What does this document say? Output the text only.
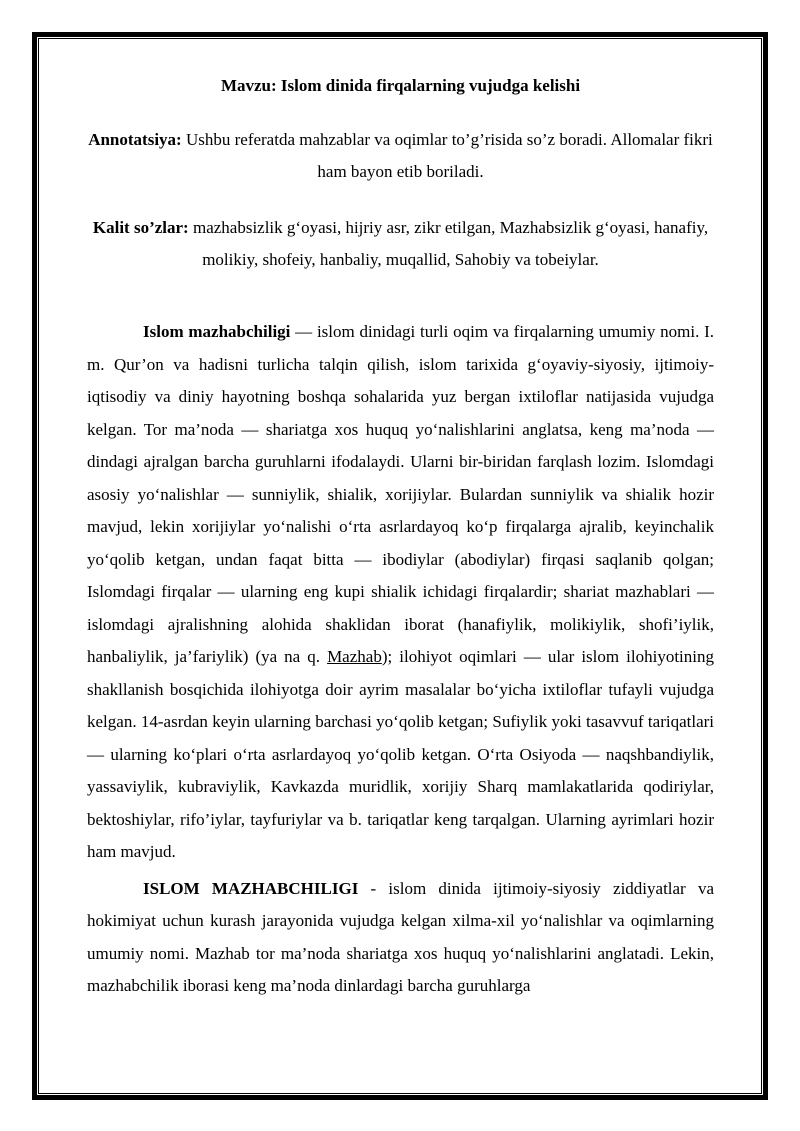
Mavzu: Islom dinida firqalarning vujudga kelishi

Annotatsiya: Ushbu referatda mahzablar va oqimlar to’g’risida so’z boradi. Allomalar fikri ham bayon etib boriladi.

Kalit so’zlar: mazhabsizlik g‘oyasi, hijriy asr, zikr etilgan, Mazhabsizlik g‘oyasi, hanafiy, molikiy, shofeiy, hanbaliy, muqallid, Sahobiy va tobeiylar.

Islom mazhabchiligi — islom dinidagi turli oqim va firqalarning umumiy nomi. I. m. Qur’on va hadisni turlicha talqin qilish, islom tarixida g‘oyaviy-siyosiy, ijtimoiy-iqtisodiy va diniy hayotning boshqa sohalarida yuz bergan ixtiloflar natijasida vujudga kelgan. Tor ma’noda — shariatga xos huquq yo‘nalishlarini anglatsa, keng ma’noda — dindagi ajralgan barcha guruhlarni ifodalaydi. Ularni bir-biridan farqlash lozim. Islomdagi asosiy yo‘nalishlar — sunniylik, shialik, xorijiylar. Bulardan sunniylik va shialik hozir mavjud, lekin xorijiylar yo‘nalishi o‘rta asrlardayoq ko‘p firqalarga ajralib, keyinchalik yo‘qolib ketgan, undan faqat bitta — ibodiylar (abodiylar) firqasi saqlanib qolgan; Islomdagi firqalar — ularning eng kupi shialik ichidagi firqalardir; shariat mazhablari — islomdagi ajralishning alohida shaklidan iborat (hanafiylik, molikiylik, shofi’iylik, hanbaliylik, ja’fariylik) (ya na q. Mazhab); ilohiyot oqimlari — ular islom ilohiyotining shakllanish bosqichida ilohiyotga doir ayrim masalalar bo‘yicha ixtiloflar tufayli vujudga kelgan. 14-asrdan keyin ularning barchasi yo‘qolib ketgan; Sufiylik yoki tasavvuf tariqatlari — ularning ko‘plari o‘rta asrlardayoq yo‘qolib ketgan. O‘rta Osiyoda — naqshbandiylik, yassaviylik, kubraviylik, Kavkazda muridlik, xorijiy Sharq mamlakatlarida qodiriylar, bektoshiylar, rifo’iylar, tayfuriylar va b. tariqatlar keng tarqalgan. Ularning ayrimlari hozir ham mavjud.

ISLOM MAZHABCHILIGI - islom dinida ijtimoiy-siyosiy ziddiyatlar va hokimiyat uchun kurash jarayonida vujudga kelgan xilma-xil yo‘nalishlar va oqimlarning umumiy nomi. Mazhab tor ma’noda shariatga xos huquq yo‘nalishlarini anglatadi. Lekin, mazhabchilik iborasi keng ma’noda dinlardagi barcha guruhlarga
